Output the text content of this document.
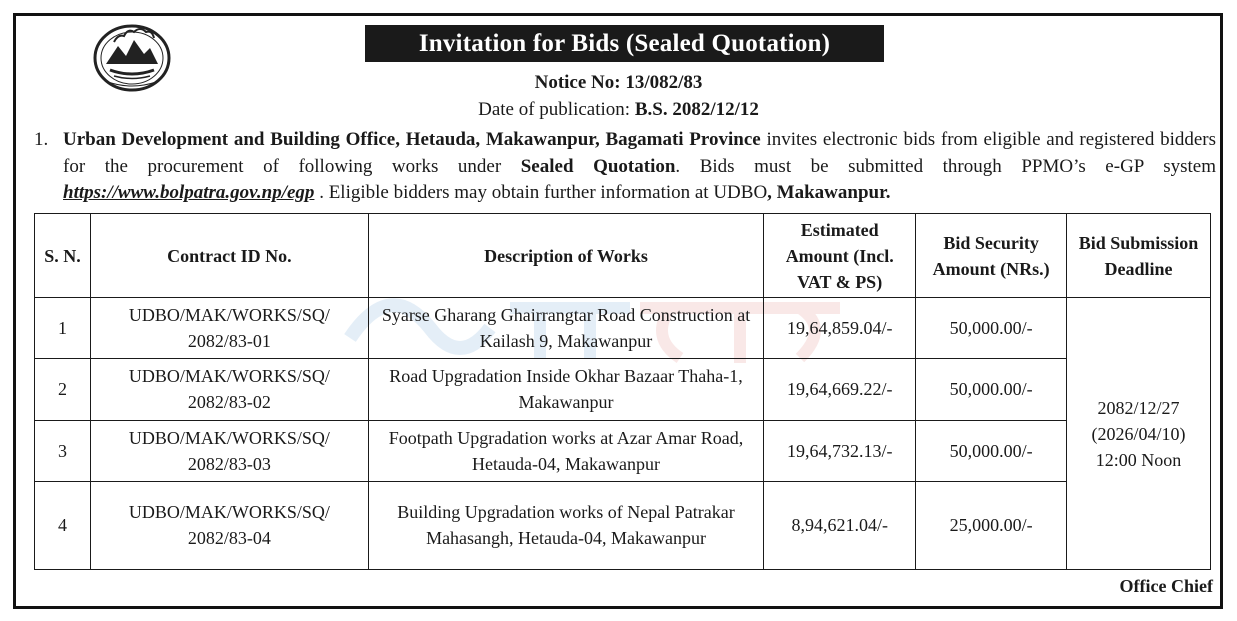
Invitation for Bids (Sealed Quotation)
Notice No: 13/082/83
Date of publication: B.S. 2082/12/12
1. Urban Development and Building Office, Hetauda, Makawanpur, Bagamati Province invites electronic bids from eligible and registered bidders for the procurement of following works under Sealed Quotation. Bids must be submitted through PPMO’s e-GP system https://www.bolpatra.gov.np/egp . Eligible bidders may obtain further information at UDBO, Makawanpur.
S. N.	Contract ID No.	Description of Works	Estimated Amount (Incl. VAT & PS)	Bid Security Amount (NRs.)	Bid Submission Deadline
1	UDBO/MAK/WORKS/SQ/ 2082/83-01	Syarse Gharang Ghairrangtar Road Construction at Kailash 9, Makawanpur	19,64,859.04/-	50,000.00/-	2082/12/27
(2026/04/10)
12:00 Noon
2	UDBO/MAK/WORKS/SQ/ 2082/83-02	Road Upgradation Inside Okhar Bazaar Thaha-1, Makawanpur	19,64,669.22/-	50,000.00/-	
3	UDBO/MAK/WORKS/SQ/ 2082/83-03	Footpath Upgradation works at Azar Amar Road, Hetauda-04, Makawanpur	19,64,732.13/-	50,000.00/-	
4	UDBO/MAK/WORKS/SQ/ 2082/83-04	Building Upgradation works of Nepal Patrakar Mahasangh, Hetauda-04, Makawanpur	8,94,621.04/-	25,000.00/-	
Office Chief
